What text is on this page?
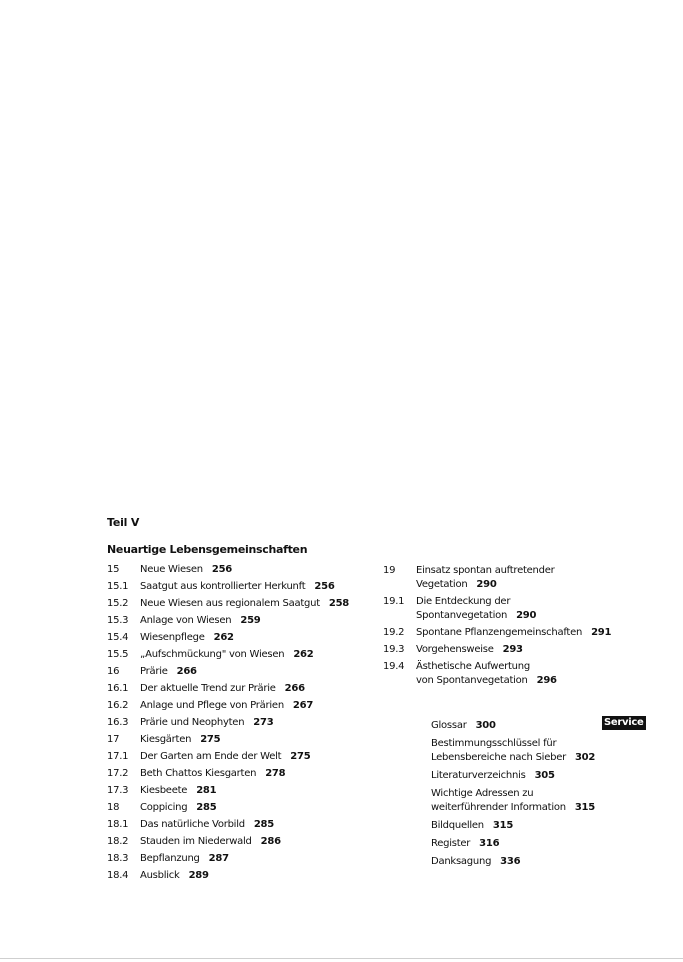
Teil V
Neuartige Lebensgemeinschaften
15	Neue Wiesen 256
15.1	Saatgut aus kontrollierter Herkunft 256
15.2	Neue Wiesen aus regionalem Saatgut 258
15.3	Anlage von Wiesen 259
15.4	Wiesenpflege 262
15.5	„Aufschmückung" von Wiesen 262
16	Prärie 266
16.1	Der aktuelle Trend zur Prärie 266
16.2	Anlage und Pflege von Prärien 267
16.3	Prärie und Neophyten 273
17	Kiesgärten 275
17.1	Der Garten am Ende der Welt 275
17.2	Beth Chattos Kiesgarten 278
17.3	Kiesbeete 281
18	Coppicing 285
18.1	Das natürliche Vorbild 285
18.2	Stauden im Niederwald 286
18.3	Bepflanzung 287
18.4	Ausblick 289
19	Einsatz spontan auftretender
Vegetation 290
19.1	Die Entdeckung der
Spontanvegetation 290
19.2	Spontane Pflanzengemeinschaften 291
19.3	Vorgehensweise 293
19.4	Ästhetische Aufwertung
von Spontanvegetation 296
Service
Glossar 300
Bestimmungsschlüssel für
Lebensbereiche nach Sieber 302
Literaturverzeichnis 305
Wichtige Adressen zu
weiterführender Information 315
Bildquellen 315
Register 316
Danksagung 336
